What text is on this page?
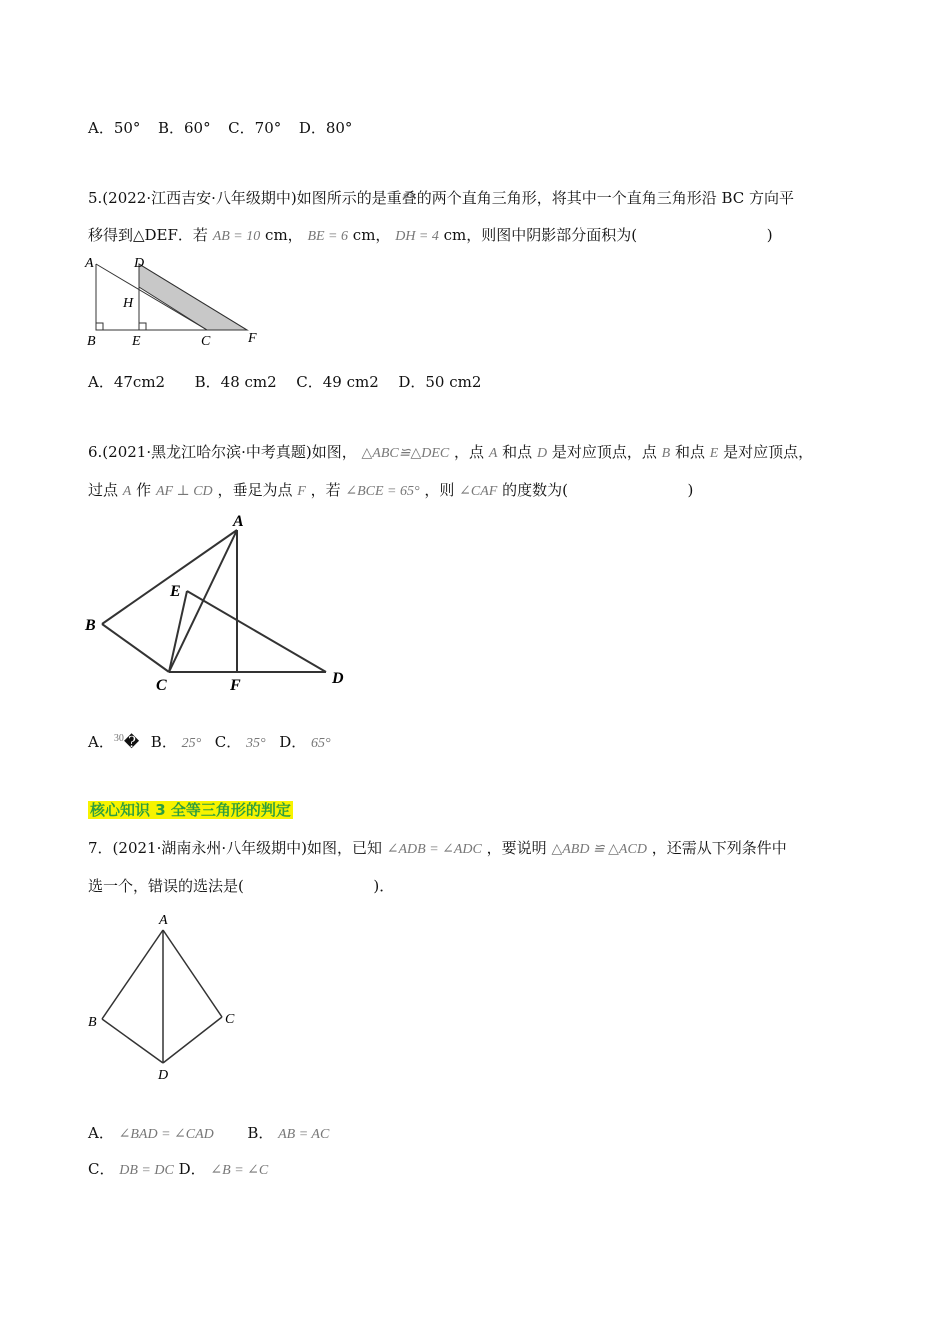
A．50° B．60° C．70° D．80°
5.(2022·江西吉安·八年级期中)如图所示的是重叠的两个直角三角形，将其中一个直角三角形沿 BC 方向平
移得到△DEF．若 AB = 10 cm， BE = 6 cm， DH = 4 cm，则图中阴影部分面积为(	)
A	D
H
B	E	C	F
A．47cm2 B．48 cm2 C．49 cm2 D．50 cm2
6.(2021·黑龙江哈尔滨·中考真题)如图， △ABC≌△DEC ，点 A 和点 D 是对应顶点，点 B 和点 E 是对应顶点，
过点 A 作 AF ⊥ CD ，垂足为点 F ，若 ∠BCE = 65° ，则 ∠CAF 的度数为(	)
A
B
E
C	F	D
A．$^{30}$� B． 25° C． 35° D． 65°
核心知识 3 全等三角形的判定
7．(2021·湖南永州·八年级期中)如图，已知 ∠ADB = ∠ADC ，要说明 △ABD ≌ △ACD ，还需从下列条件中
选一个，错误的选法是(	)．
A
B	C
D
A． ∠BAD = ∠CAD B． AB = AC
C． DB = DC D． ∠B = ∠C
